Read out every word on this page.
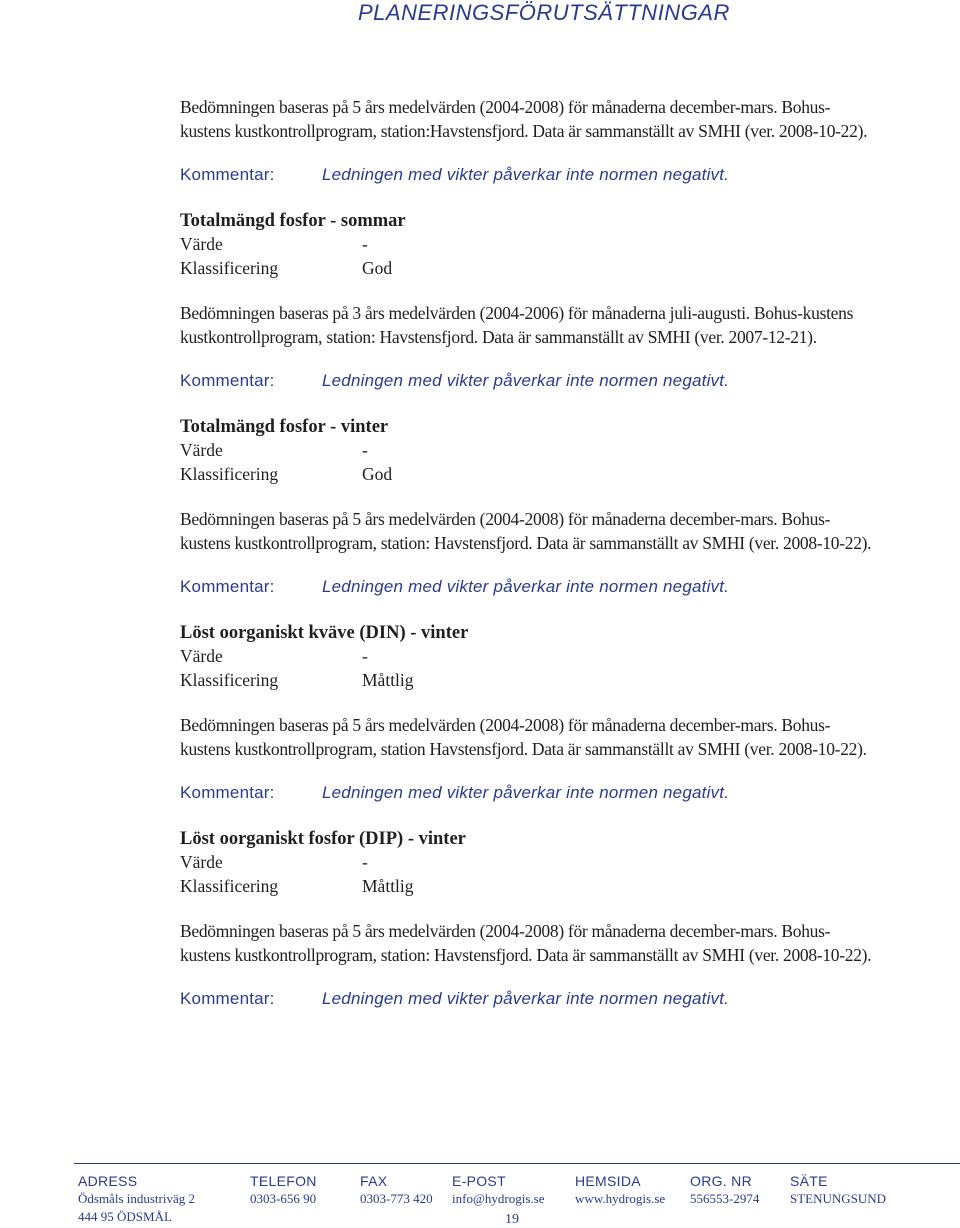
PLANERINGSFÖRUTSÄTTNINGAR

Bedömningen baseras på 5 års medelvärden (2004-2008) för månaderna december-mars. Bohus-kustens kustkontrollprogram, station:Havstensfjord. Data är sammanställt av SMHI (ver. 2008-10-22).

Kommentar:	Ledningen med vikter påverkar inte normen negativt.
Totalmängd fosfor - sommar
Värde	-
Klassificering	God

Bedömningen baseras på 3 års medelvärden (2004-2006) för månaderna juli-augusti. Bohus-kustens kustkontrollprogram, station: Havstensfjord. Data är sammanställt av SMHI (ver. 2007-12-21).

Kommentar:	Ledningen med vikter påverkar inte normen negativt.
Totalmängd fosfor - vinter
Värde	-
Klassificering	God

Bedömningen baseras på 5 års medelvärden (2004-2008) för månaderna december-mars. Bohus-kustens kustkontrollprogram, station: Havstensfjord. Data är sammanställt av SMHI (ver. 2008-10-22).

Kommentar:	Ledningen med vikter påverkar inte normen negativt.
Löst oorganiskt kväve (DIN) - vinter
Värde	-
Klassificering	Måttlig

Bedömningen baseras på 5 års medelvärden (2004-2008) för månaderna december-mars. Bohus-kustens kustkontrollprogram, station Havstensfjord. Data är sammanställt av SMHI (ver. 2008-10-22).

Kommentar:	Ledningen med vikter påverkar inte normen negativt.
Löst oorganiskt fosfor (DIP) - vinter
Värde	-
Klassificering	Måttlig

Bedömningen baseras på 5 års medelvärden (2004-2008) för månaderna december-mars. Bohus-kustens kustkontrollprogram, station: Havstensfjord. Data är sammanställt av SMHI (ver. 2008-10-22).

Kommentar:	Ledningen med vikter påverkar inte normen negativt.
ADRESS
Ödsmåls industriväg 2
444 95 ÖDSMÅL
TELEFON
0303-656 90
FAX
0303-773 420
E-POST
info@hydrogis.se
HEMSIDA
www.hydrogis.se
ORG. NR
556553-2974
SÄTE
STENUNGSUND
19
